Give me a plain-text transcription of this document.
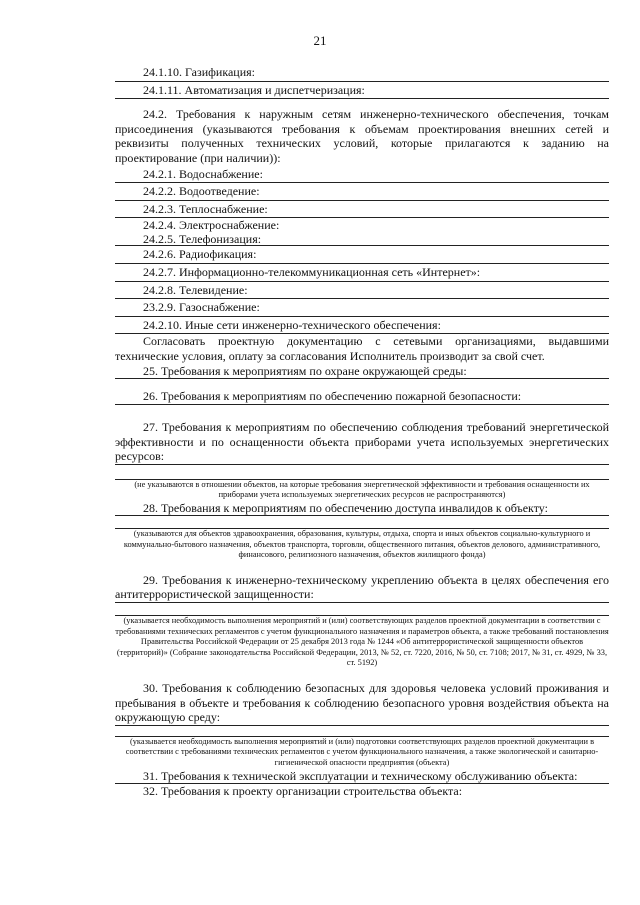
21
24.1.10. Газификация:
24.1.11. Автоматизация и диспетчеризация:

24.2. Требования к наружным сетям инженерно-технического обеспечения, точкам присоединения (указываются требования к объемам проектирования внешних сетей и реквизиты полученных технических условий, которые прилагаются к заданию на проектирование (при наличии)):

24.2.1. Водоснабжение:
24.2.2. Водоотведение:
24.2.3. Теплоснабжение:
24.2.4. Электроснабжение:
24.2.5. Телефонизация:
24.2.6. Радиофикация:
24.2.7. Информационно-телекоммуникационная сеть «Интернет»:
24.2.8. Телевидение:
23.2.9. Газоснабжение:
24.2.10. Иные сети инженерно-технического обеспечения:

Согласовать проектную документацию с сетевыми организациями, выдавшими технические условия, оплату за согласования Исполнитель производит за свой счет.

25. Требования к мероприятиям по охране окружающей среды:
26. Требования к мероприятиям по обеспечению пожарной безопасности:

27. Требования к мероприятиям по обеспечению соблюдения требований энергетической эффективности и по оснащенности объекта приборами учета используемых энергетических ресурсов:

(не указываются в отношении объектов, на которые требования энергетической эффективности и требования оснащенности их приборами учета используемых энергетических ресурсов не распространяются)

28. Требования к мероприятиям по обеспечению доступа инвалидов к объекту:

(указываются для объектов здравоохранения, образования, культуры, отдыха, спорта и иных объектов социально-культурного и коммунально-бытового назначения, объектов транспорта, торговли, общественного питания, объектов делового, административного, финансового, религиозного назначения, объектов жилищного фонда)

29. Требования к инженерно-техническому укреплению объекта в целях обеспечения его антитеррористической защищенности:

(указывается необходимость выполнения мероприятий и (или) соответствующих разделов проектной документации в соответствии с требованиями технических регламентов с учетом функционального назначения и параметров объекта, а также требований постановления Правительства Российской Федерации от 25 декабря 2013 года № 1244 «Об антитеррористической защищенности объектов (территорий)» (Собрание законодательства Российской Федерации, 2013, № 52, ст. 7220, 2016, № 50, ст. 7108; 2017, № 31, ст. 4929, № 33, ст. 5192)

30. Требования к соблюдению безопасных для здоровья человека условий проживания и пребывания в объекте и требования к соблюдению безопасного уровня воздействия объекта на окружающую среду:

(указывается необходимость выполнения мероприятий и (или) подготовки соответствующих разделов проектной документации в соответствии с требованиями технических регламентов с учетом функционального назначения, а также экологической и санитарно-гигиенической опасности предприятия (объекта)

31. Требования к технической эксплуатации и техническому обслуживанию объекта:
32. Требования к проекту организации строительства объекта:
